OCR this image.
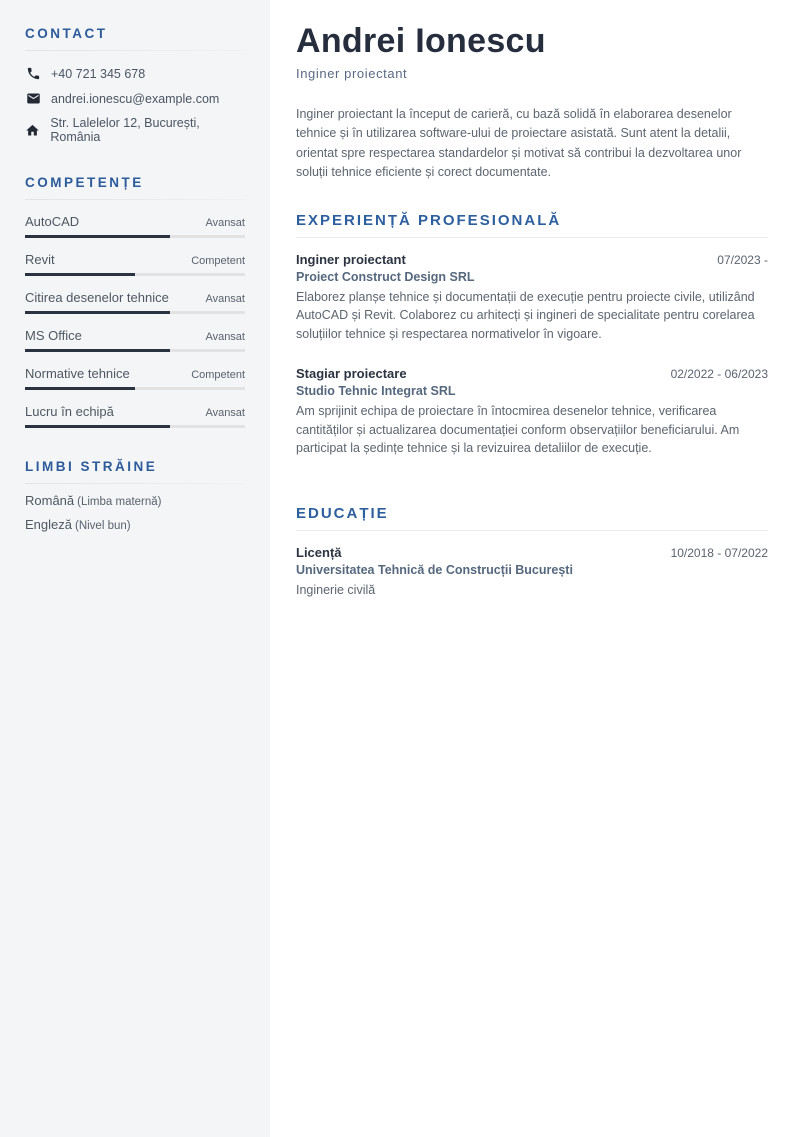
CONTACT
+40 721 345 678
andrei.ionescu@example.com
Str. Lalelelor 12, București, România
COMPETENȚE
AutoCAD	Avansat
Revit	Competent
Citirea desenelor tehnice	Avansat
MS Office	Avansat
Normative tehnice	Competent
Lucru în echipă	Avansat
LIMBI STRĂINE
Română (Limba maternă)
Engleză (Nivel bun)
Andrei Ionescu
Inginer proiectant

Inginer proiectant la început de carieră, cu bază solidă în elaborarea desenelor tehnice și în utilizarea software-ului de proiectare asistată. Sunt atent la detalii, orientat spre respectarea standardelor și motivat să contribui la dezvoltarea unor soluții tehnice eficiente și corect documentate.

EXPERIENȚĂ PROFESIONALĂ
Inginer proiectant	07/2023 -
Proiect Construct Design SRL

Elaborez planșe tehnice și documentații de execuție pentru proiecte civile, utilizând AutoCAD și Revit. Colaborez cu arhitecți și ingineri de specialitate pentru corelarea soluțiilor tehnice și respectarea normativelor în vigoare.

Stagiar proiectare	02/2022 - 06/2023
Studio Tehnic Integrat SRL

Am sprijinit echipa de proiectare în întocmirea desenelor tehnice, verificarea cantităților și actualizarea documentației conform observațiilor beneficiarului. Am participat la ședințe tehnice și la revizuirea detaliilor de execuție.

EDUCAȚIE
Licență	10/2018 - 07/2022
Universitatea Tehnică de Construcții București

Inginerie civilă
